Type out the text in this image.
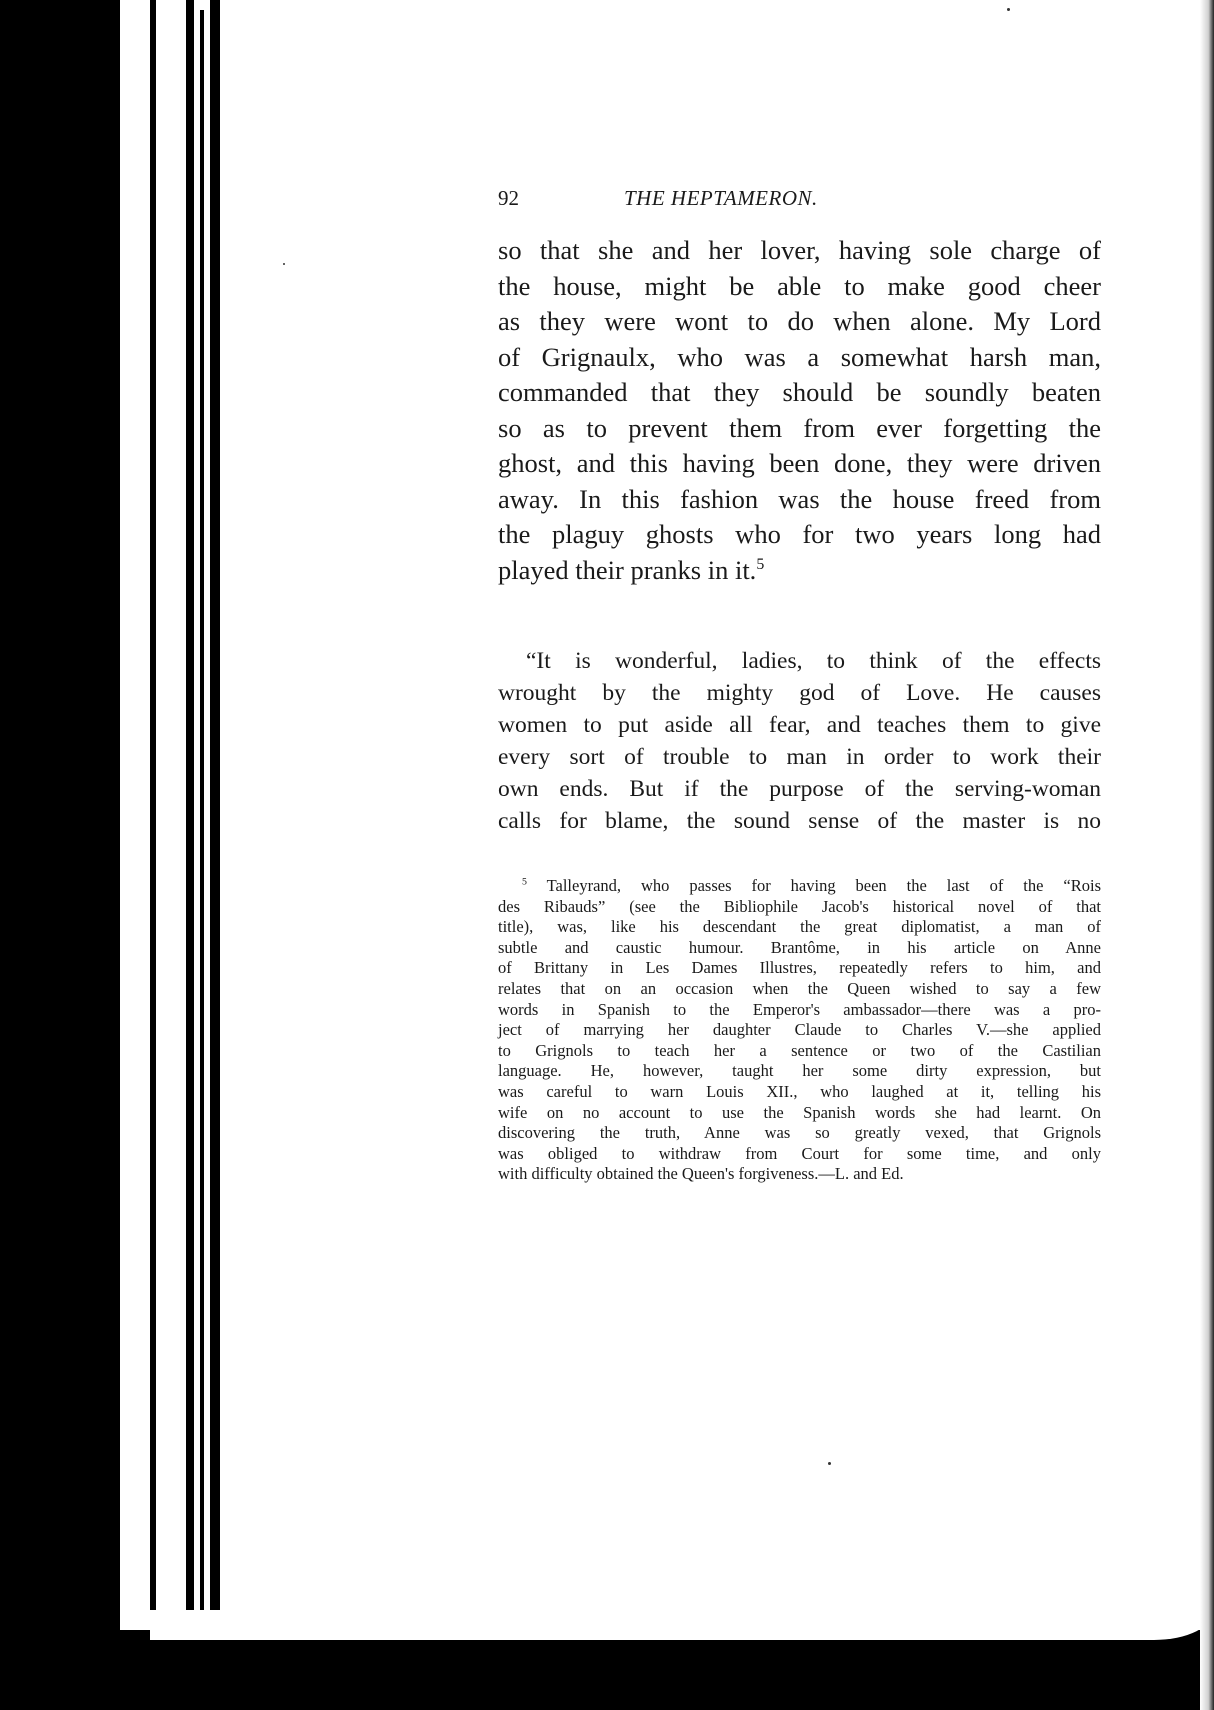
92	THE HEPTAMERON.
so that she and her lover, having sole charge of
the house, might be able to make good cheer
as they were wont to do when alone. My Lord
of Grignaulx, who was a somewhat harsh man,
commanded that they should be soundly beaten
so as to prevent them from ever forgetting the
ghost, and this having been done, they were driven
away. In this fashion was the house freed from
the plaguy ghosts who for two years long had
played their pranks in it.$^5$
“It is wonderful, ladies, to think of the effects
wrought by the mighty god of Love. He causes
women to put aside all fear, and teaches them to give
every sort of trouble to man in order to work their
own ends. But if the purpose of the serving-woman
calls for blame, the sound sense of the master is no
$^5$ Talleyrand, who passes for having been the last of the “Rois
des Ribauds” (see the Bibliophile Jacob's historical novel of that
title), was, like his descendant the great diplomatist, a man of
subtle and caustic humour. Brantôme, in his article on Anne
of Brittany in Les Dames Illustres, repeatedly refers to him, and
relates that on an occasion when the Queen wished to say a few
words in Spanish to the Emperor's ambassador—there was a pro-
ject of marrying her daughter Claude to Charles V.—she applied
to Grignols to teach her a sentence or two of the Castilian
language. He, however, taught her some dirty expression, but
was careful to warn Louis XII., who laughed at it, telling his
wife on no account to use the Spanish words she had learnt. On
discovering the truth, Anne was so greatly vexed, that Grignols
was obliged to withdraw from Court for some time, and only
with difficulty obtained the Queen's forgiveness.—L. and Ed.
